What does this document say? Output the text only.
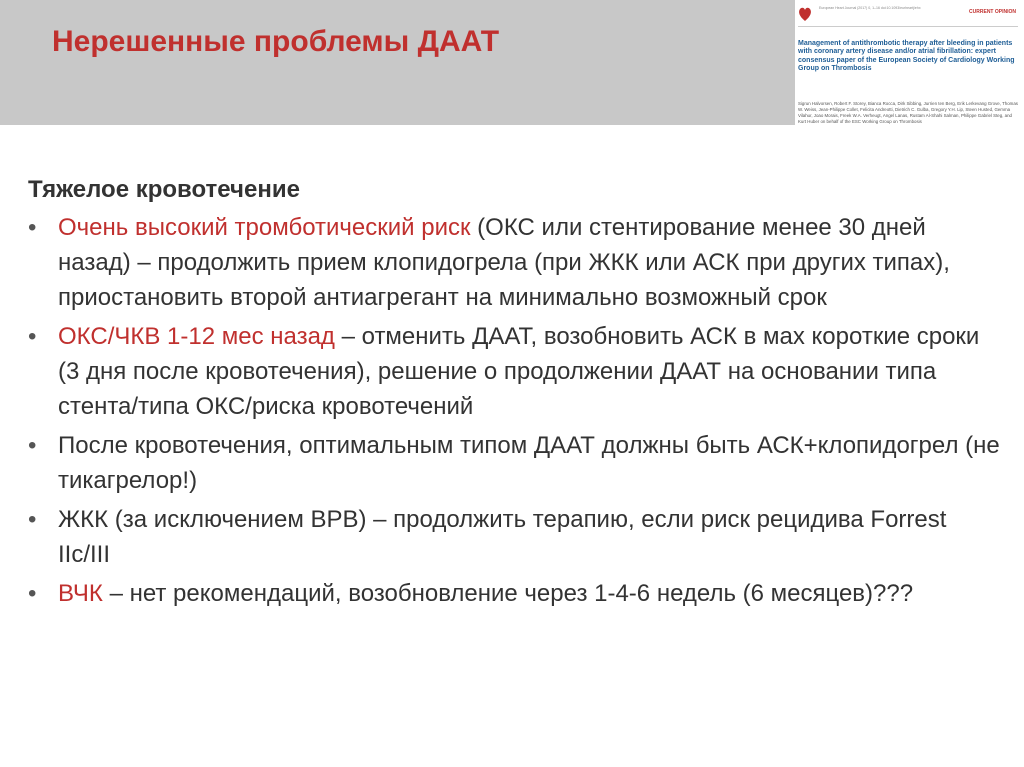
Нерешенные проблемы ДААТ
European Heart Journal (2017) 0, 1–16 doi:10.1093/eurheartj/ehx
CURRENT OPINION
Management of antithrombotic therapy after bleeding in patients with coronary artery disease and/or atrial fibrillation: expert consensus paper of the European Society of Cardiology Working Group on Thrombosis
Sigrun Halvorsen, Robert F. Storey, Bianca Rocca, Dirk Sibbing, Jurrien ten Berg, Erik Lerkevang Grove, Thomas W. Weiss, Jean-Philippe Collet, Felicita Andreotti, Dietrich C. Gulba, Gregory Y.H. Lip, Steen Husted, Gemma Vilahur, Joao Morais, Freek W.A. Verheugt, Angel Lanas, Rustam Al-Shahi Salman, Philippe Gabriel Steg, and Kurt Huber on behalf of the ESC Working Group on Thrombosis
Тяжелое кровотечение
• Очень высокий тромботический риск (ОКС или стентирование менее 30 дней назад) – продолжить прием клопидогрела (при ЖКК или АСК при других типах), приостановить второй антиагрегант на минимально возможный срок
• ОКС/ЧКВ 1-12 мес назад – отменить ДААТ, возобновить АСК в мах короткие сроки (3 дня после кровотечения), решение о продолжении ДААТ на основании типа стента/типа ОКС/риска кровотечений
• После кровотечения, оптимальным типом ДААТ должны быть АСК+клопидогрел (не тикагрелор!)
• ЖКК (за исключением ВРВ) – продолжить терапию, если риск рецидива Forrest IIc/III
• ВЧК – нет рекомендаций, возобновление через 1-4-6 недель (6 месяцев)???
